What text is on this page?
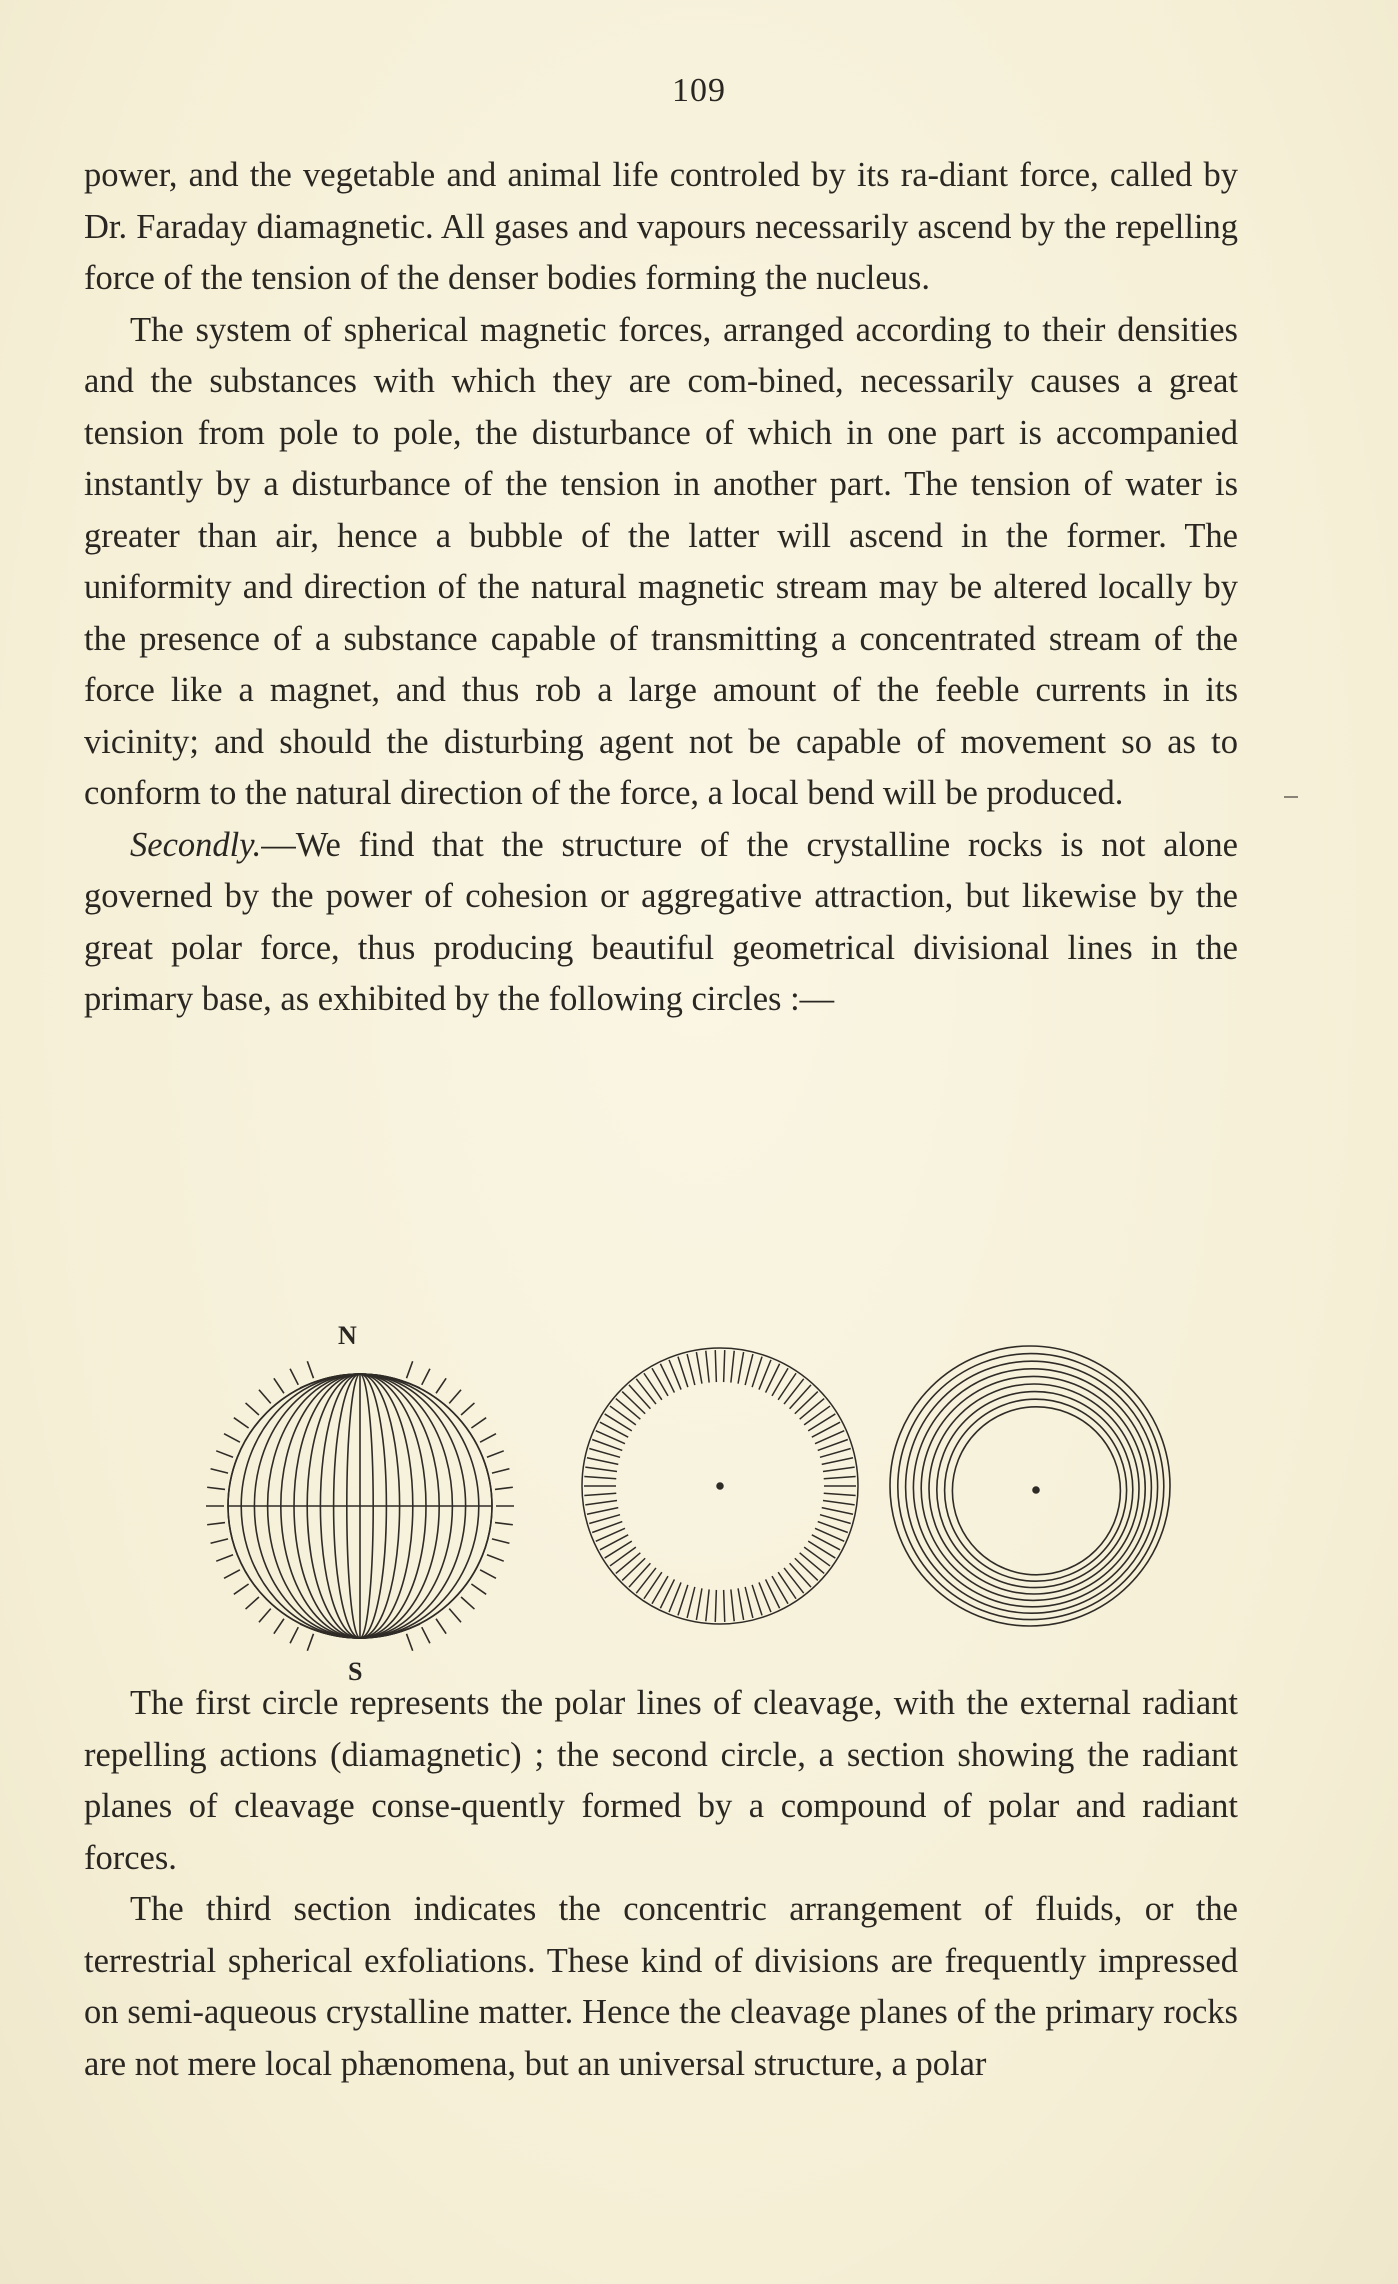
109

power, and the vegetable and animal life controled by its ra-diant force, called by Dr. Faraday diamagnetic. All gases and vapours necessarily ascend by the repelling force of the tension of the denser bodies forming the nucleus.

The system of spherical magnetic forces, arranged according to their densities and the substances with which they are com-bined, necessarily causes a great tension from pole to pole, the disturbance of which in one part is accompanied instantly by a disturbance of the tension in another part. The tension of water is greater than air, hence a bubble of the latter will ascend in the former. The uniformity and direction of the natural magnetic stream may be altered locally by the presence of a substance capable of transmitting a concentrated stream of the force like a magnet, and thus rob a large amount of the feeble currents in its vicinity; and should the disturbing agent not be capable of movement so as to conform to the natural direction of the force, a local bend will be produced.

Secondly.—We find that the structure of the crystalline rocks is not alone governed by the power of cohesion or aggregative attraction, but likewise by the great polar force, thus producing beautiful geometrical divisional lines in the primary base, as exhibited by the following circles :—

N
S

The first circle represents the polar lines of cleavage, with the external radiant repelling actions (diamagnetic) ; the second circle, a section showing the radiant planes of cleavage conse-quently formed by a compound of polar and radiant forces.

The third section indicates the concentric arrangement of fluids, or the terrestrial spherical exfoliations. These kind of divisions are frequently impressed on semi-aqueous crystalline matter. Hence the cleavage planes of the primary rocks are not mere local phænomena, but an universal structure, a polar
